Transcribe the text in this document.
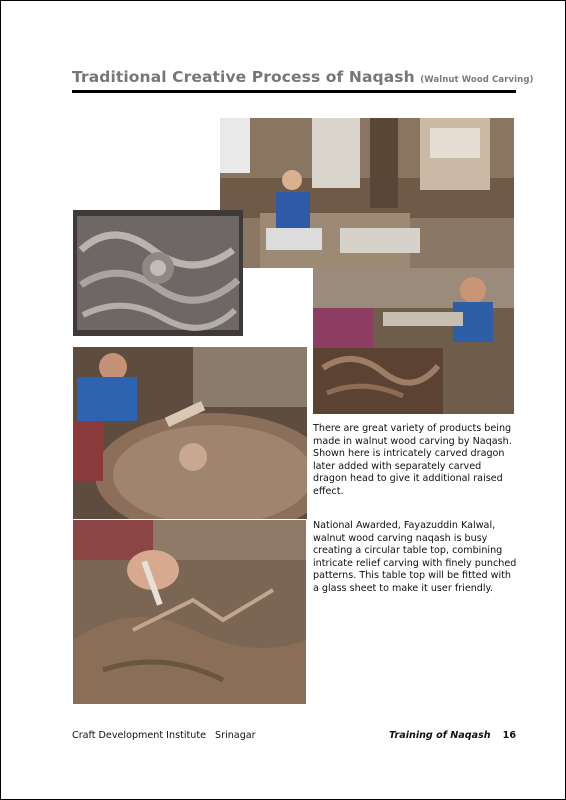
Traditional Creative Process of Naqash (Walnut Wood Carving)
There are great variety of products being made in walnut wood carving by Naqash. Shown here is intricately carved dragon later added with separately carved dragon head to give it additional raised effect.
National Awarded, Fayazuddin Kalwal, walnut wood carving naqash is busy creating a circular table top, combining intricate relief carving with finely punched patterns. This table top will be fitted with a glass sheet to make it user friendly.
Craft Development Institute Srinagar	Training of Naqash 16
